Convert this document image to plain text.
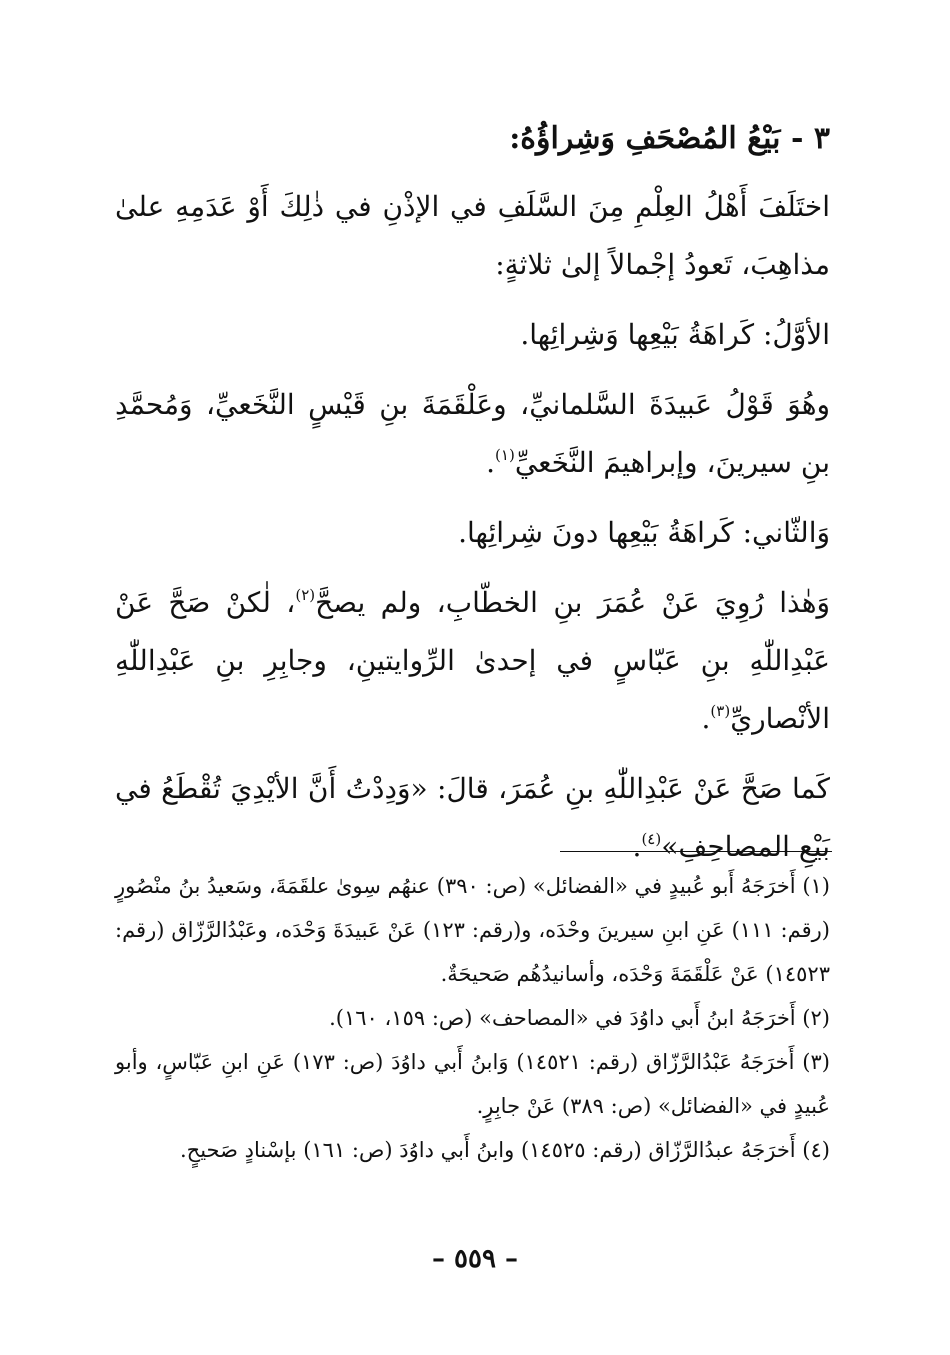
٣ - بَيْعُ المُصْحَفِ وَشِراؤُهُ:

اختَلَفَ أَهْلُ العِلْمِ مِنَ السَّلَفِ في الإذْنِ في ذٰلِكَ أَوْ عَدَمِهِ علىٰ مذاهِبَ، تَعودُ إجْمالاً إلىٰ ثلاثةٍ:

الأوَّلُ: كَراهَةُ بَيْعِها وَشِرائِها.

وهُوَ قَوْلُ عَبيدَةَ السَّلمانيِّ، وعَلْقَمَةَ بنِ قَيْسٍ النَّخَعيِّ، وَمُحمَّدِ بنِ سيرينَ، وإبراهيمَ النَّخَعيِّ$^{(١)}$.

وَالثّاني: كَراهَةُ بَيْعِها دونَ شِرائِها.

وَهٰذا رُوِيَ عَنْ عُمَرَ بنِ الخطّابِ، ولم يصحَّ$^{(٢)}$، لٰكنْ صَحَّ عَنْ عَبْدِاللّٰهِ بنِ عَبّاسٍ في إحدىٰ الرِّوايتينِ، وجابِرِ بنِ عَبْدِاللّٰهِ الأنْصاريِّ$^{(٣)}$.

كَما صَحَّ عَنْ عَبْدِاللّٰهِ بنِ عُمَرَ، قالَ: «وَدِدْتُ أَنَّ الأيْدِيَ تُقْطَعُ في بَيْعِ المصاحِفِ»$^{(٤)}$.

(١) أَخرَجَهُ أَبو عُبيدٍ في «الفضائل» (ص: ٣٩٠) عنهُم سِوىٰ علقَمَةَ، وسَعيدُ بنُ منْصُورٍ (رقم: ١١١) عَنِ ابنِ سيرينَ وحْدَه، و(رقم: ١٢٣) عَنْ عَبيدَةَ وَحْدَه، وعَبْدُالرَّزّاق (رقم: ١٤٥٢٣) عَنْ عَلْقَمَةَ وَحْدَه، وأسانيدُهُم صَحيحَةٌ.

(٢) أَخرَجَهُ ابنُ أَبي داوُدَ في «المصاحف» (ص: ١٥٩، ١٦٠).

(٣) أَخرَجَهُ عَبْدُالرَّزّاق (رقم: ١٤٥٢١) وَابنُ أَبي داوُدَ (ص: ١٧٣) عَنِ ابنِ عَبّاسٍ، وأبو عُبيدٍ في «الفضائل» (ص: ٣٨٩) عَنْ جابِرٍ.

(٤) أَخرَجَهُ عبدُالرَّزّاق (رقم: ١٤٥٢٥) وابنُ أَبي داوُدَ (ص: ١٦١) بإسْنادٍ صَحيحٍ.

– ٥٥٩ –
